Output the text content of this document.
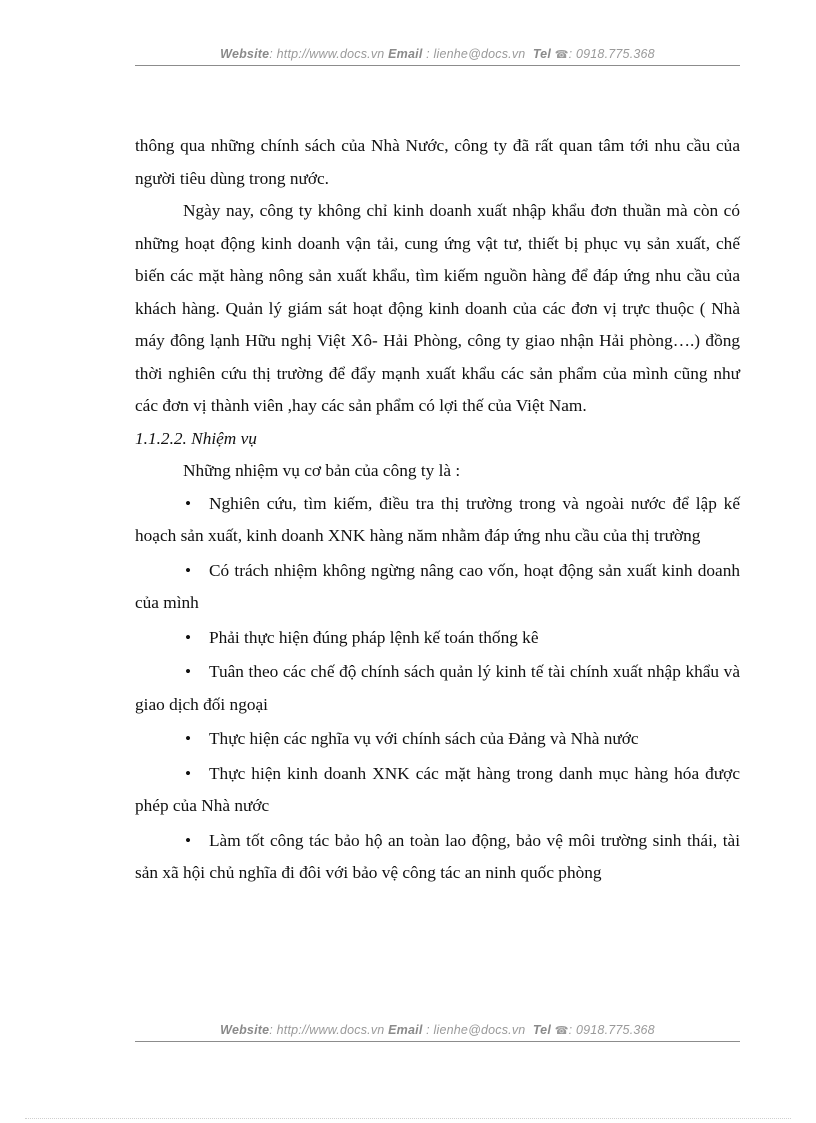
Website: http://www.docs.vn Email : lienhe@docs.vn Tel ☎: 0918.775.368

thông qua những chính sách của Nhà Nước, công ty đã rất quan tâm tới nhu cầu của người tiêu dùng trong nước.

Ngày nay, công ty không chỉ kinh doanh xuất nhập khẩu đơn thuần mà còn có những hoạt động kinh doanh vận tải, cung ứng vật tư, thiết bị phục vụ sản xuất, chế biến các mặt hàng nông sản xuất khẩu, tìm kiếm nguồn hàng để đáp ứng nhu cầu của khách hàng. Quản lý giám sát hoạt động kinh doanh của các đơn vị trực thuộc ( Nhà máy đông lạnh Hữu nghị Việt Xô- Hải Phòng, công ty giao nhận Hải phòng….) đồng thời nghiên cứu thị trường để đẩy mạnh xuất khẩu các sản phẩm của mình cũng như các đơn vị thành viên ,hay các sản phẩm có lợi thế của Việt Nam.

1.1.2.2. Nhiệm vụ

Những nhiệm vụ cơ bản của công ty là :

• Nghiên cứu, tìm kiếm, điều tra thị trường trong và ngoài nước để lập kế hoạch sản xuất, kinh doanh XNK hàng năm nhằm đáp ứng nhu cầu của thị trường

• Có trách nhiệm không ngừng nâng cao vốn, hoạt động sản xuất kinh doanh của mình

• Phải thực hiện đúng pháp lệnh kế toán thống kê

• Tuân theo các chế độ chính sách quản lý kinh tế tài chính xuất nhập khẩu và giao dịch đối ngoại

• Thực hiện các nghĩa vụ với chính sách của Đảng và Nhà nước

• Thực hiện kinh doanh XNK các mặt hàng trong danh mục hàng hóa được phép của Nhà nước

• Làm tốt công tác bảo hộ an toàn lao động, bảo vệ môi trường sinh thái, tài sản xã hội chủ nghĩa đi đôi với bảo vệ công tác an ninh quốc phòng

Website: http://www.docs.vn Email : lienhe@docs.vn Tel ☎: 0918.775.368
